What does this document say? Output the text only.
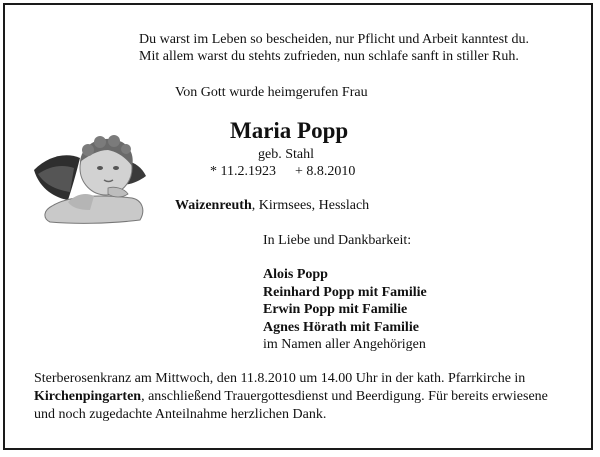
Du warst im Leben so bescheiden, nur Pflicht und Arbeit kanntest du.
Mit allem warst du stehts zufrieden, nun schlafe sanft in stiller Ruh.
Von Gott wurde heimgerufen Frau
Maria Popp
geb. Stahl
* 11.2.1923 + 8.8.2010
Waizenreuth, Kirmsees, Hesslach
In Liebe und Dankbarkeit:
Alois Popp
Reinhard Popp mit Familie
Erwin Popp mit Familie
Agnes Hörath mit Familie
im Namen aller Angehörigen
Sterberosenkranz am Mittwoch, den 11.8.2010 um 14.00 Uhr in der kath. Pfarrkirche in
Kirchenpingarten, anschließend Trauergottesdienst und Beerdigung. Für bereits erwiesene
und noch zugedachte Anteilnahme herzlichen Dank.
